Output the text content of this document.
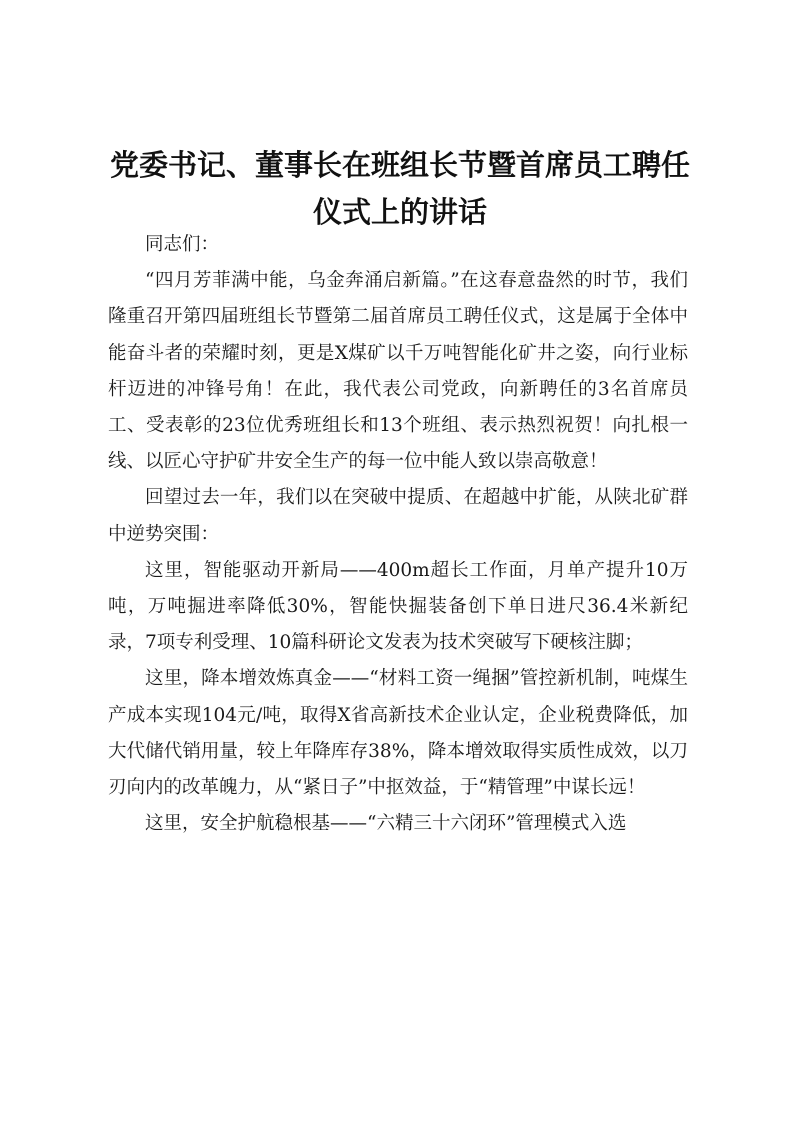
党委书记、董事长在班组长节暨首席员工聘任仪式上的讲话

同志们：

“四月芳菲满中能，乌金奔涌启新篇。”在这春意盎然的时节，我们隆重召开第四届班组长节暨第二届首席员工聘任仪式，这是属于全体中能奋斗者的荣耀时刻，更是X煤矿以千万吨智能化矿井之姿，向行业标杆迈进的冲锋号角！在此，我代表公司党政，向新聘任的3名首席员工、受表彰的23位优秀班组长和13个班组、表示热烈祝贺！向扎根一线、以匠心守护矿井安全生产的每一位中能人致以崇高敬意！

回望过去一年，我们以在突破中提质、在超越中扩能，从陕北矿群中逆势突围：

这里，智能驱动开新局——400m超长工作面，月单产提升10万吨，万吨掘进率降低30%，智能快掘装备创下单日进尺36.4米新纪录，7项专利受理、10篇科研论文发表为技术突破写下硬核注脚；

这里，降本增效炼真金——“材料工资一绳捆”管控新机制，吨煤生产成本实现104元/吨，取得X省高新技术企业认定，企业税费降低，加大代储代销用量，较上年降库存38%，降本增效取得实质性成效，以刀刃向内的改革魄力，从“紧日子”中抠效益，于“精管理”中谋长远！

这里，安全护航稳根基——“六精三十六闭环”管理模式入选
